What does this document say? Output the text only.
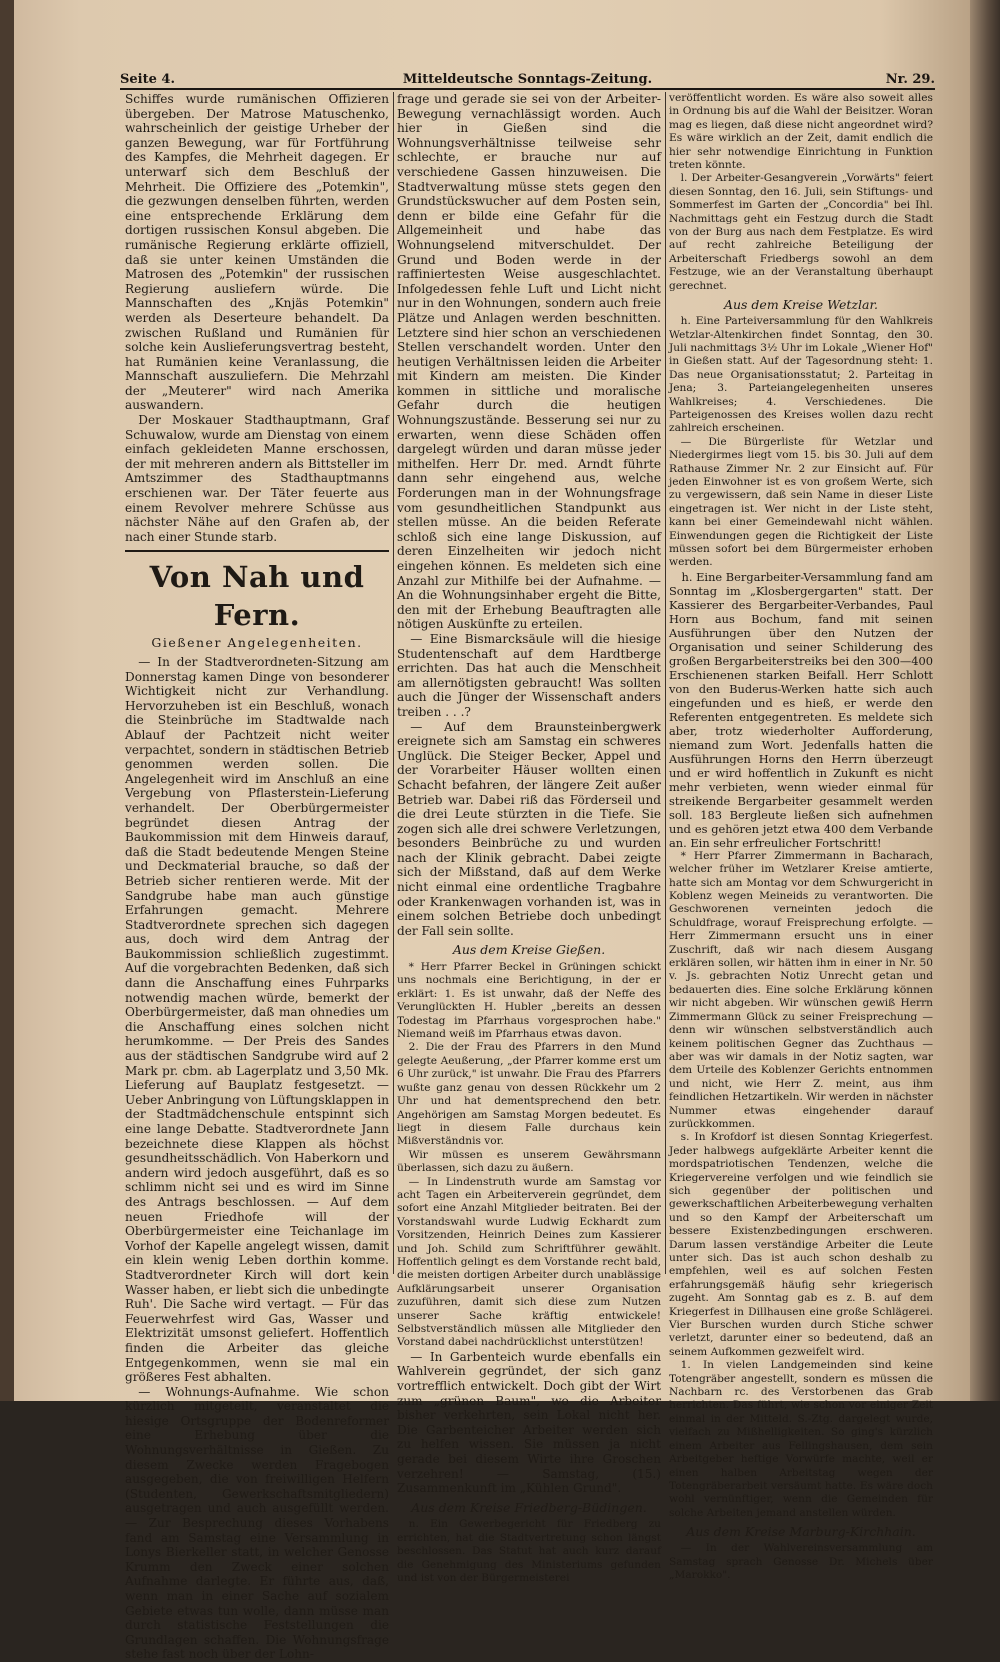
Seite 4.	Mitteldeutsche Sonntags-Zeitung.	Nr. 29.

Schiffes wurde rumänischen Offizieren übergeben. Der Matrose Matuschenko, wahrscheinlich der geistige Urheber der ganzen Bewegung, war für Fortführung des Kampfes, die Mehrheit dagegen. Er unterwarf sich dem Beschluß der Mehrheit. Die Offiziere des „Potemkin", die gezwungen denselben führten, werden eine entsprechende Erklärung dem dortigen russischen Konsul abgeben. Die rumänische Regierung erklärte offiziell, daß sie unter keinen Umständen die Matrosen des „Potemkin" der russischen Regierung ausliefern würde. Die Mannschaften des „Knjäs Potemkin" werden als Deserteure behandelt. Da zwischen Rußland und Rumänien für solche kein Auslieferungsvertrag besteht, hat Rumänien keine Veranlassung, die Mannschaft auszuliefern. Die Mehrzahl der „Meuterer" wird nach Amerika auswandern.

Der Moskauer Stadthauptmann, Graf Schuwalow, wurde am Dienstag von einem einfach gekleideten Manne erschossen, der mit mehreren andern als Bittsteller im Amtszimmer des Stadthauptmanns erschienen war. Der Täter feuerte aus einem Revolver mehrere Schüsse aus nächster Nähe auf den Grafen ab, der nach einer Stunde starb.

Von Nah und Fern.

Gießener Angelegenheiten.

— In der Stadtverordneten-Sitzung am Donnerstag kamen Dinge von besonderer Wichtigkeit nicht zur Verhandlung. Hervorzuheben ist ein Beschluß, wonach die Steinbrüche im Stadtwalde nach Ablauf der Pachtzeit nicht weiter verpachtet, sondern in städtischen Betrieb genommen werden sollen. Die Angelegenheit wird im Anschluß an eine Vergebung von Pflasterstein-Lieferung verhandelt. Der Oberbürgermeister begründet diesen Antrag der Baukommission mit dem Hinweis darauf, daß die Stadt bedeutende Mengen Steine und Deckmaterial brauche, so daß der Betrieb sicher rentieren werde. Mit der Sandgrube habe man auch günstige Erfahrungen gemacht. Mehrere Stadtverordnete sprechen sich dagegen aus, doch wird dem Antrag der Baukommission schließlich zugestimmt. Auf die vorgebrachten Bedenken, daß sich dann die Anschaffung eines Fuhrparks notwendig machen würde, bemerkt der Oberbürgermeister, daß man ohnedies um die Anschaffung eines solchen nicht herumkomme. — Der Preis des Sandes aus der städtischen Sandgrube wird auf 2 Mark pr. cbm. ab Lagerplatz und 3,50 Mk. Lieferung auf Bauplatz festgesetzt. — Ueber Anbringung von Lüftungsklappen in der Stadtmädchenschule entspinnt sich eine lange Debatte. Stadtverordnete Jann bezeichnete diese Klappen als höchst gesundheitsschädlich. Von Haberkorn und andern wird jedoch ausgeführt, daß es so schlimm nicht sei und es wird im Sinne des Antrags beschlossen. — Auf dem neuen Friedhofe will der Oberbürgermeister eine Teichanlage im Vorhof der Kapelle angelegt wissen, damit ein klein wenig Leben dorthin komme. Stadtverordneter Kirch will dort kein Wasser haben, er liebt sich die unbedingte Ruh'. Die Sache wird vertagt. — Für das Feuerwehrfest wird Gas, Wasser und Elektrizität umsonst geliefert. Hoffentlich finden die Arbeiter das gleiche Entgegenkommen, wenn sie mal ein größeres Fest abhalten.

— Wohnungs-Aufnahme. Wie schon kürzlich mitgeteilt, veranstaltet die hiesige Ortsgruppe der Bodenreformer eine Erhebung über die Wohnungsverhältnisse in Gießen. Zu diesem Zwecke werden Fragebogen ausgegeben, die von freiwilligen Helfern (Studenten, Gewerkschaftsmitgliedern) ausgetragen und auch ausgefüllt werden. — Zur Besprechung dieses Vorhabens fand am Samstag eine Versammlung in Lonys Bierkeller statt, in welcher Genosse Krumm den Zweck einer solchen Aufnahme darlegte. Er führte aus, daß, wenn man in einer Sache auf sozialem Gebiete etwas tun wolle, dann müsse man durch statistische Feststellungen die Grundlagen schaffen. Die Wohnungsfrage stehe fast noch über der Lohn-

frage und gerade sie sei von der Arbeiter-Bewegung vernachlässigt worden. Auch hier in Gießen sind die Wohnungsverhältnisse teilweise sehr schlechte, er brauche nur auf verschiedene Gassen hinzuweisen. Die Stadtverwaltung müsse stets gegen den Grundstückswucher auf dem Posten sein, denn er bilde eine Gefahr für die Allgemeinheit und habe das Wohnungselend mitverschuldet. Der Grund und Boden werde in der raffiniertesten Weise ausgeschlachtet. Infolgedessen fehle Luft und Licht nicht nur in den Wohnungen, sondern auch freie Plätze und Anlagen werden beschnitten. Letztere sind hier schon an verschiedenen Stellen verschandelt worden. Unter den heutigen Verhältnissen leiden die Arbeiter mit Kindern am meisten. Die Kinder kommen in sittliche und moralische Gefahr durch die heutigen Wohnungszustände. Besserung sei nur zu erwarten, wenn diese Schäden offen dargelegt würden und daran müsse jeder mithelfen. Herr Dr. med. Arndt führte dann sehr eingehend aus, welche Forderungen man in der Wohnungsfrage vom gesundheitlichen Standpunkt aus stellen müsse. An die beiden Referate schloß sich eine lange Diskussion, auf deren Einzelheiten wir jedoch nicht eingehen können. Es meldeten sich eine Anzahl zur Mithilfe bei der Aufnahme. — An die Wohnungsinhaber ergeht die Bitte, den mit der Erhebung Beauftragten alle nötigen Auskünfte zu erteilen.

— Eine Bismarcksäule will die hiesige Studentenschaft auf dem Hardtberge errichten. Das hat auch die Menschheit am allernötigsten gebraucht! Was sollten auch die Jünger der Wissenschaft anders treiben . . .?

— Auf dem Braunsteinbergwerk ereignete sich am Samstag ein schweres Unglück. Die Steiger Becker, Appel und der Vorarbeiter Häuser wollten einen Schacht befahren, der längere Zeit außer Betrieb war. Dabei riß das Förderseil und die drei Leute stürzten in die Tiefe. Sie zogen sich alle drei schwere Verletzungen, besonders Beinbrüche zu und wurden nach der Klinik gebracht. Dabei zeigte sich der Mißstand, daß auf dem Werke nicht einmal eine ordentliche Tragbahre oder Krankenwagen vorhanden ist, was in einem solchen Betriebe doch unbedingt der Fall sein sollte.

Aus dem Kreise Gießen.

* Herr Pfarrer Beckel in Grüningen schickt uns nochmals eine Berichtigung, in der er erklärt: 1. Es ist unwahr, daß der Neffe des Verunglückten H. Hubler „bereits an dessen Todestag im Pfarrhaus vorgesprochen habe." Niemand weiß im Pfarrhaus etwas davon.

2. Die der Frau des Pfarrers in den Mund gelegte Aeußerung, „der Pfarrer komme erst um 6 Uhr zurück," ist unwahr. Die Frau des Pfarrers wußte ganz genau von dessen Rückkehr um 2 Uhr und hat dementsprechend den betr. Angehörigen am Samstag Morgen bedeutet. Es liegt in diesem Falle durchaus kein Mißverständnis vor.

Wir müssen es unserem Gewährsmann überlassen, sich dazu zu äußern.

— In Lindenstruth wurde am Samstag vor acht Tagen ein Arbeiterverein gegründet, dem sofort eine Anzahl Mitglieder beitraten. Bei der Vorstandswahl wurde Ludwig Eckhardt zum Vorsitzenden, Heinrich Deines zum Kassierer und Joh. Schild zum Schriftführer gewählt. Hoffentlich gelingt es dem Vorstande recht bald, die meisten dortigen Arbeiter durch unablässige Aufklärungsarbeit unserer Organisation zuzuführen, damit sich diese zum Nutzen unserer Sache kräftig entwickele! Selbstverständlich müssen alle Mitglieder den Vorstand dabei nachdrücklichst unterstützen!

— In Garbenteich wurde ebenfalls ein Wahlverein gegründet, der sich ganz vortrefflich entwickelt. Doch gibt der Wirt zum „grünen Baum", wo die Arbeiter bisher verkehrten, sein Lokal nicht her. Die Garbenteicher Arbeiter werden sich zu helfen wissen. Sie müssen ja nicht gerade bei diesem Wirte ihre Groschen verzehren! — Samstag, (15.) Zusammenkunft im „Kühlen Grund".

Aus dem Kreise Friedberg-Büdingen.

n. Ein Gewerbegericht für Friedberg zu errichten, hat die Stadtvertretung schon längst beschlossen. Das Statut hat auch kurz darauf die Genehmigung des Ministeriums gefunden und ist von der Bürgermeisterei

veröffentlicht worden. Es wäre also soweit alles in Ordnung bis auf die Wahl der Beisitzer. Woran mag es liegen, daß diese nicht angeordnet wird? Es wäre wirklich an der Zeit, damit endlich die hier sehr notwendige Einrichtung in Funktion treten könnte.

l. Der Arbeiter-Gesangverein „Vorwärts" feiert diesen Sonntag, den 16. Juli, sein Stiftungs- und Sommerfest im Garten der „Concordia" bei Ihl. Nachmittags geht ein Festzug durch die Stadt von der Burg aus nach dem Festplatze. Es wird auf recht zahlreiche Beteiligung der Arbeiterschaft Friedbergs sowohl an dem Festzuge, wie an der Veranstaltung überhaupt gerechnet.

Aus dem Kreise Wetzlar.

h. Eine Parteiversammlung für den Wahlkreis Wetzlar-Altenkirchen findet Sonntag, den 30. Juli nachmittags 3½ Uhr im Lokale „Wiener Hof" in Gießen statt. Auf der Tagesordnung steht: 1. Das neue Organisationsstatut; 2. Parteitag in Jena; 3. Parteiangelegenheiten unseres Wahlkreises; 4. Verschiedenes. Die Parteigenossen des Kreises wollen dazu recht zahlreich erscheinen.

— Die Bürgerliste für Wetzlar und Niedergirmes liegt vom 15. bis 30. Juli auf dem Rathause Zimmer Nr. 2 zur Einsicht auf. Für jeden Einwohner ist es von großem Werte, sich zu vergewissern, daß sein Name in dieser Liste eingetragen ist. Wer nicht in der Liste steht, kann bei einer Gemeindewahl nicht wählen. Einwendungen gegen die Richtigkeit der Liste müssen sofort bei dem Bürgermeister erhoben werden.

h. Eine Bergarbeiter-Versammlung fand am Sonntag im „Klosbergergarten" statt. Der Kassierer des Bergarbeiter-Verbandes, Paul Horn aus Bochum, fand mit seinen Ausführungen über den Nutzen der Organisation und seiner Schilderung des großen Bergarbeiterstreiks bei den 300—400 Erschienenen starken Beifall. Herr Schlott von den Buderus-Werken hatte sich auch eingefunden und es hieß, er werde den Referenten entgegentreten. Es meldete sich aber, trotz wiederholter Aufforderung, niemand zum Wort. Jedenfalls hatten die Ausführungen Horns den Herrn überzeugt und er wird hoffentlich in Zukunft es nicht mehr verbieten, wenn wieder einmal für streikende Bergarbeiter gesammelt werden soll. 183 Bergleute ließen sich aufnehmen und es gehören jetzt etwa 400 dem Verbande an. Ein sehr erfreulicher Fortschritt!

* Herr Pfarrer Zimmermann in Bacharach, welcher früher im Wetzlarer Kreise amtierte, hatte sich am Montag vor dem Schwurgericht in Koblenz wegen Meineids zu verantworten. Die Geschworenen verneinten jedoch die Schuldfrage, worauf Freisprechung erfolgte. — Herr Zimmermann ersucht uns in einer Zuschrift, daß wir nach diesem Ausgang erklären sollen, wir hätten ihm in einer in Nr. 50 v. Js. gebrachten Notiz Unrecht getan und bedauerten dies. Eine solche Erklärung können wir nicht abgeben. Wir wünschen gewiß Herrn Zimmermann Glück zu seiner Freisprechung — denn wir wünschen selbstverständlich auch keinem politischen Gegner das Zuchthaus — aber was wir damals in der Notiz sagten, war dem Urteile des Koblenzer Gerichts entnommen und nicht, wie Herr Z. meint, aus ihm feindlichen Hetzartikeln. Wir werden in nächster Nummer etwas eingehender darauf zurückkommen.

s. In Krofdorf ist diesen Sonntag Kriegerfest. Jeder halbwegs aufgeklärte Arbeiter kennt die mordspatriotischen Tendenzen, welche die Kriegervereine verfolgen und wie feindlich sie sich gegenüber der politischen und gewerkschaftlichen Arbeiterbewegung verhalten und so den Kampf der Arbeiterschaft um bessere Existenzbedingungen erschweren. Darum lassen verständige Arbeiter die Leute unter sich. Das ist auch schon deshalb zu empfehlen, weil es auf solchen Festen erfahrungsgemäß häufig sehr kriegerisch zugeht. Am Sonntag gab es z. B. auf dem Kriegerfest in Dillhausen eine große Schlägerei. Vier Burschen wurden durch Stiche schwer verletzt, darunter einer so bedeutend, daß an seinem Aufkommen gezweifelt wird.

1. In vielen Landgemeinden sind keine Totengräber angestellt, sondern es müssen die Nachbarn rc. des Verstorbenen das Grab herrichten. Das führt, wie schon vor einiger Zeit einmal in der Mitteld. S.-Ztg. dargelegt wurde, vielfach zu Mißhelligkeiten. So ging's kürzlich einem Arbeiter aus Fellingshausen, dem sein Arbeitgeber heftige Vorwürfe machte, weil er einen halben Arbeitstag wegen der Totengräberarbeit versäumt hatte. Es wäre doch wohl vernünftiger, wenn die Gemeinden für solche Arbeiten jemand anstellen würden.

Aus dem Kreise Marburg-Kirchhain.

— In der Wahlvereinsversammlung am Samstag sprach Genosse Dr. Michels über „Marokko".
